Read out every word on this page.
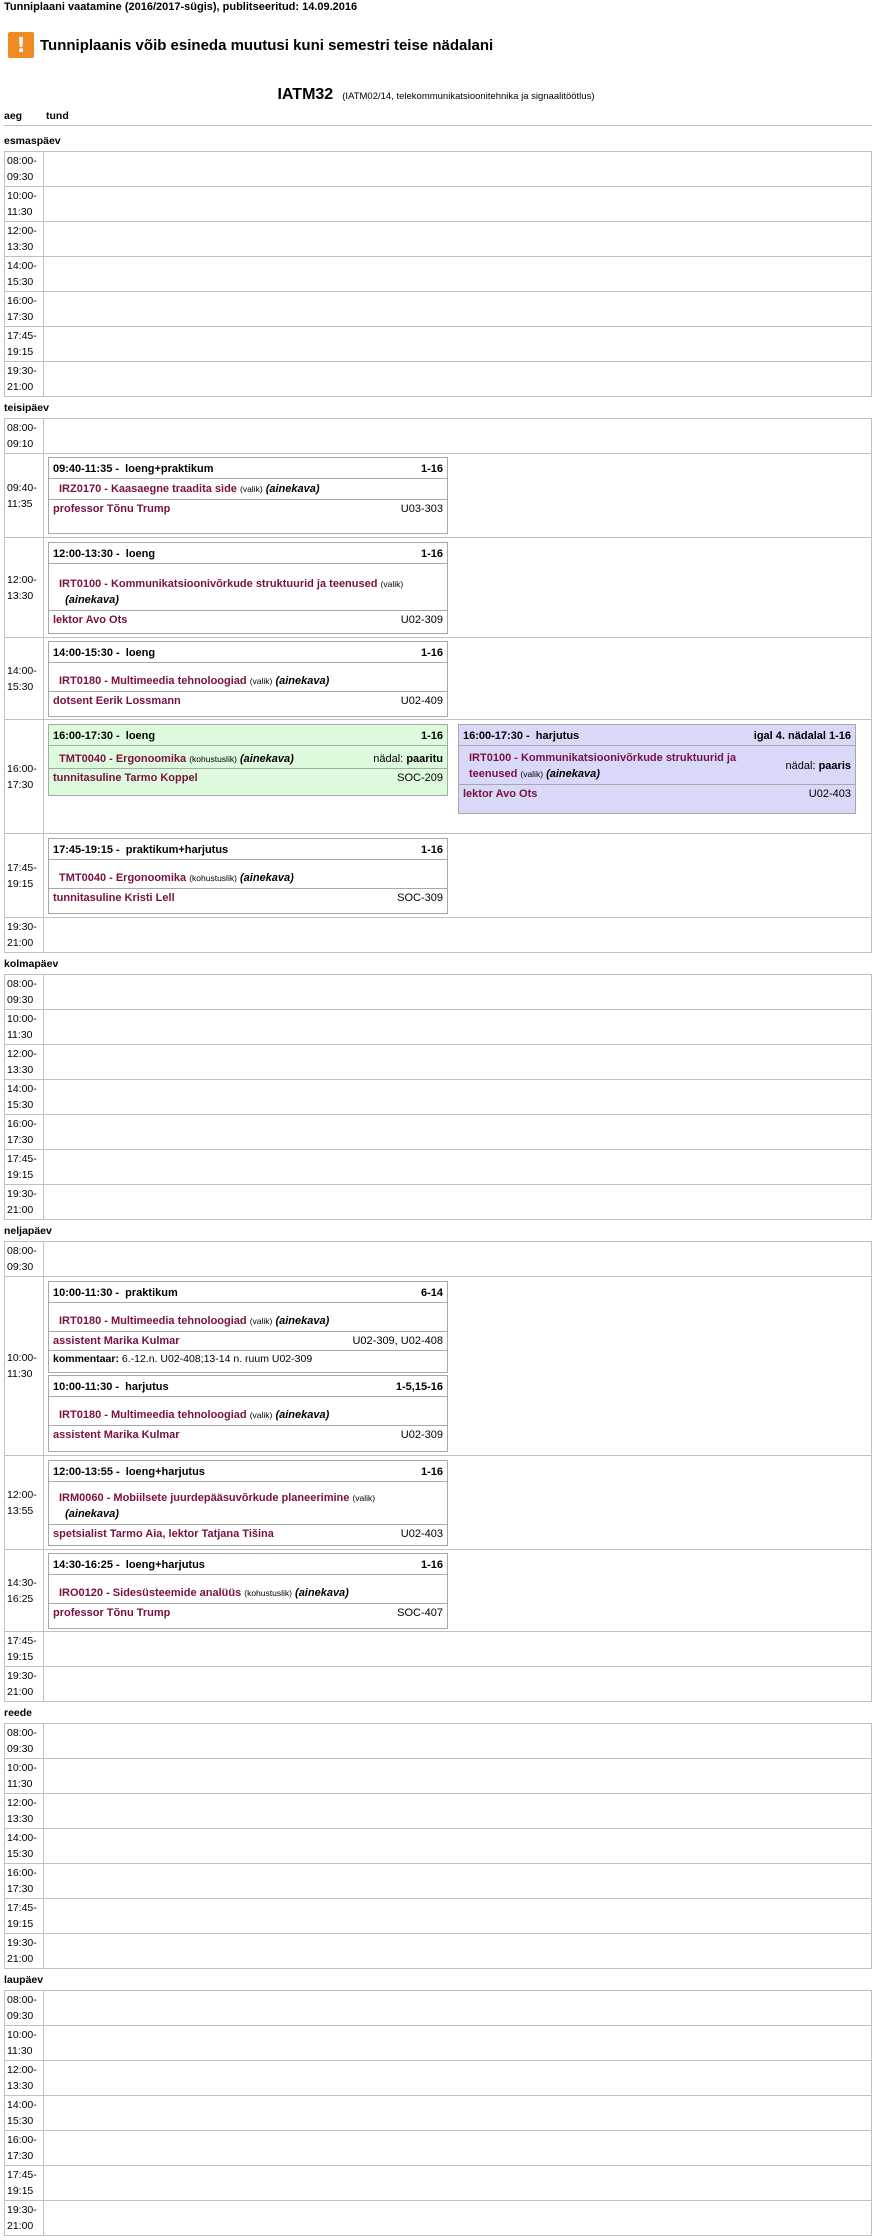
Tunniplaani vaatamine (2016/2017-sügis), publitseeritud: 14.09.2016
! Tunniplaanis võib esineda muutusi kuni semestri teise nädalani
IATM32 (IATM02/14, telekommunikatsioonitehnika ja signaalitöötlus)
aeg tund
esmaspäev
08:00-
09:30
10:00-
11:30
12:00-
13:30
14:00-
15:30
16:00-
17:30
17:45-
19:15
19:30-
21:00
teisipäev
08:00-
09:10
09:40-
11:35
09:40-11:35 - loeng+praktikum	1-16
IRZ0170 - Kaasaegne traadita side (valik) (ainekava)
professor Tõnu Trump	U03-303
12:00-
13:30
12:00-13:30 - loeng	1-16
IRT0100 - Kommunikatsioonivõrkude struktuurid ja teenused (valik)
(ainekava)
lektor Avo Ots	U02-309
14:00-
15:30
14:00-15:30 - loeng	1-16
IRT0180 - Multimeedia tehnoloogiad (valik) (ainekava)
dotsent Eerik Lossmann	U02-409
16:00-
17:30
16:00-17:30 - loeng	1-16
TMT0040 - Ergonoomika (kohustuslik) (ainekava)	nädal: paaritu
tunnitasuline Tarmo Koppel	SOC-209
16:00-17:30 - harjutus	igal 4. nädalal 1-16
IRT0100 - Kommunikatsioonivõrkude struktuurid ja teenused (valik) (ainekava)
nädal: paaris
lektor Avo Ots	U02-403
17:45-
19:15
17:45-19:15 - praktikum+harjutus	1-16
TMT0040 - Ergonoomika (kohustuslik) (ainekava)
tunnitasuline Kristi Lell	SOC-309
19:30-
21:00
kolmapäev
08:00-
09:30
10:00-
11:30
12:00-
13:30
14:00-
15:30
16:00-
17:30
17:45-
19:15
19:30-
21:00
neljapäev
08:00-
09:30
10:00-
11:30
10:00-11:30 - praktikum	6-14
IRT0180 - Multimeedia tehnoloogiad (valik) (ainekava)
assistent Marika Kulmar	U02-309, U02-408
kommentaar: 6.-12.n. U02-408;13-14 n. ruum U02-309
10:00-11:30 - harjutus	1-5,15-16
IRT0180 - Multimeedia tehnoloogiad (valik) (ainekava)
assistent Marika Kulmar	U02-309
12:00-
13:55
12:00-13:55 - loeng+harjutus	1-16
IRM0060 - Mobiilsete juurdepääsuvõrkude planeerimine (valik)
(ainekava)
spetsialist Tarmo Aia, lektor Tatjana Tišina	U02-403
14:30-
16:25
14:30-16:25 - loeng+harjutus	1-16
IRO0120 - Sidesüsteemide analüüs (kohustuslik) (ainekava)
professor Tõnu Trump	SOC-407
17:45-
19:15
19:30-
21:00
reede
08:00-
09:30
10:00-
11:30
12:00-
13:30
14:00-
15:30
16:00-
17:30
17:45-
19:15
19:30-
21:00
laupäev
08:00-
09:30
10:00-
11:30
12:00-
13:30
14:00-
15:30
16:00-
17:30
17:45-
19:15
19:30-
21:00
